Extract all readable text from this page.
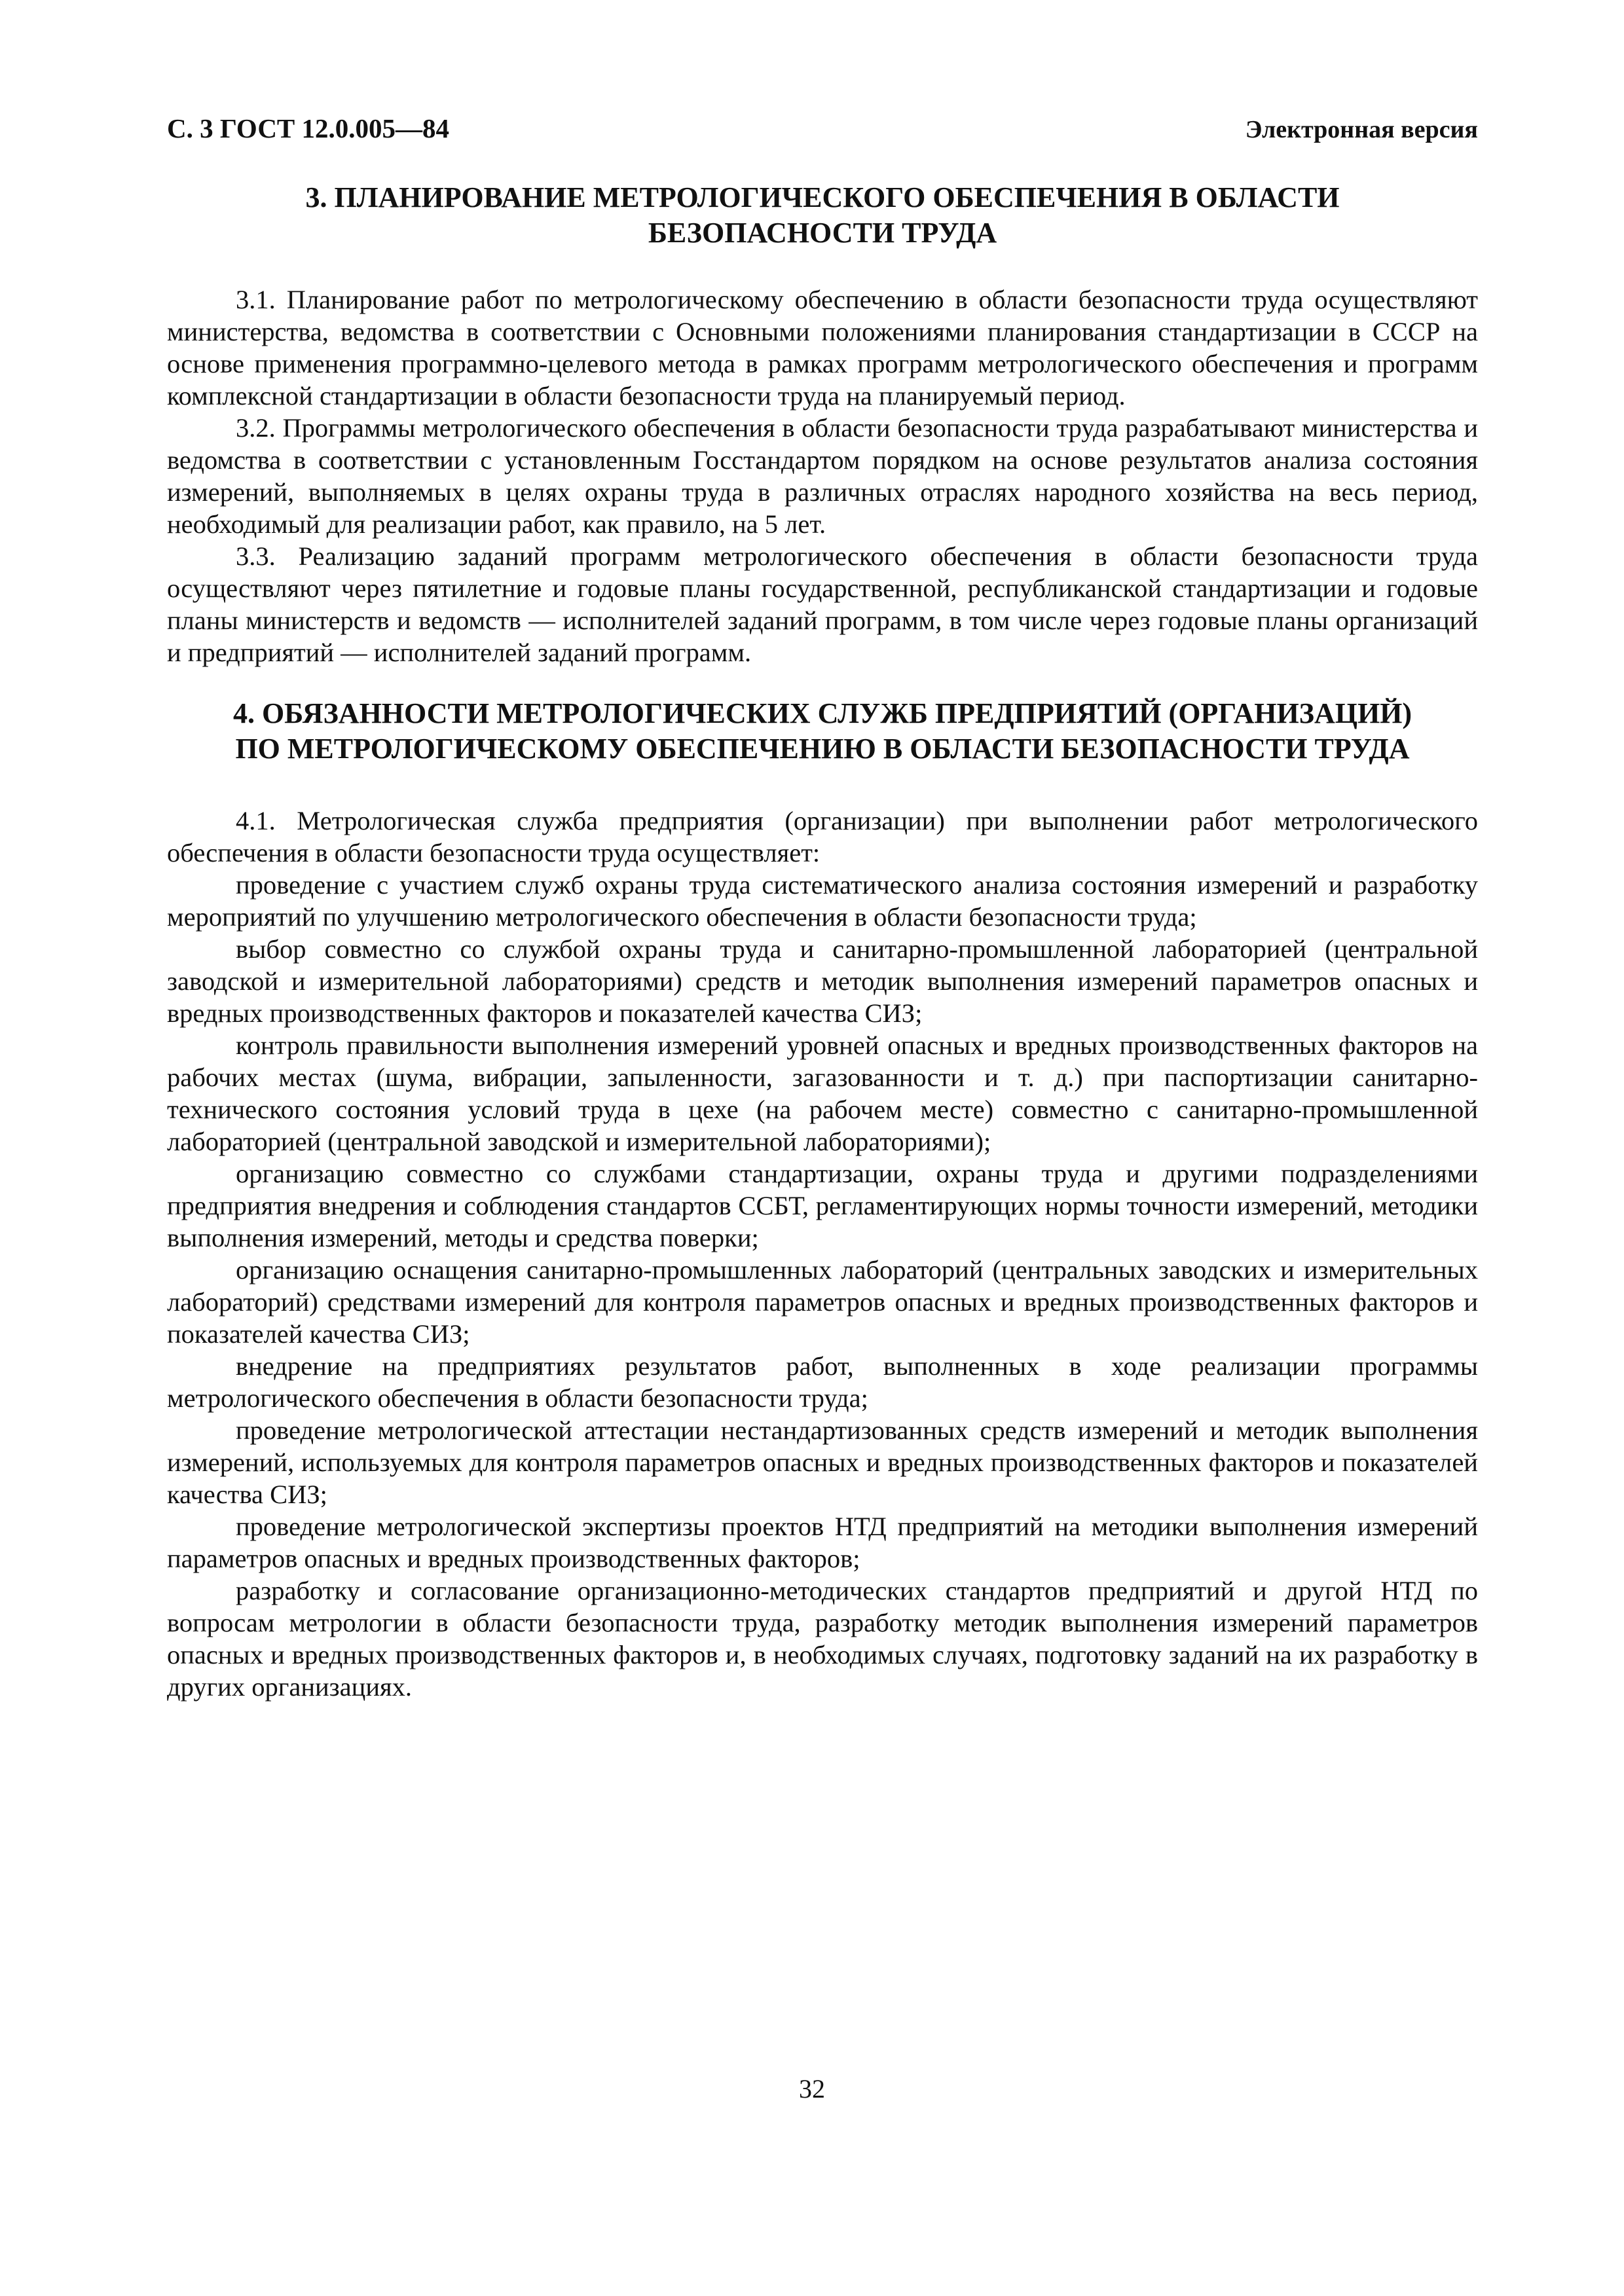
С. 3 ГОСТ 12.0.005—84	Электронная версия
3. ПЛАНИРОВАНИЕ МЕТРОЛОГИЧЕСКОГО ОБЕСПЕЧЕНИЯ В ОБЛАСТИ
БЕЗОПАСНОСТИ ТРУДА

3.1. Планирование работ по метрологическому обеспечению в области безопасности труда осуществляют министерства, ведомства в соответствии с Основными положениями планирования стандартизации в СССР на основе применения программно-целевого метода в рамках программ метрологического обеспечения и программ комплексной стандартизации в области безопасности труда на планируемый период.

3.2. Программы метрологического обеспечения в области безопасности труда разрабатывают министерства и ведомства в соответствии с установленным Госстандартом порядком на основе результатов анализа состояния измерений, выполняемых в целях охраны труда в различных отраслях народного хозяйства на весь период, необходимый для реализации работ, как правило, на 5 лет.

3.3. Реализацию заданий программ метрологического обеспечения в области безопасности труда осуществляют через пятилетние и годовые планы государственной, республиканской стандартизации и годовые планы министерств и ведомств — исполнителей заданий программ, в том числе через годовые планы организаций и предприятий — исполнителей заданий программ.

4. ОБЯЗАННОСТИ МЕТРОЛОГИЧЕСКИХ СЛУЖБ ПРЕДПРИЯТИЙ (ОРГАНИЗАЦИЙ)
ПО МЕТРОЛОГИЧЕСКОМУ ОБЕСПЕЧЕНИЮ В ОБЛАСТИ БЕЗОПАСНОСТИ ТРУДА

4.1. Метрологическая служба предприятия (организации) при выполнении работ метрологического обеспечения в области безопасности труда осуществляет:

проведение с участием служб охраны труда систематического анализа состояния измерений и разработку мероприятий по улучшению метрологического обеспечения в области безопасности труда;

выбор совместно со службой охраны труда и санитарно-промышленной лабораторией (центральной заводской и измерительной лабораториями) средств и методик выполнения измерений параметров опасных и вредных производственных факторов и показателей качества СИЗ;

контроль правильности выполнения измерений уровней опасных и вредных производственных факторов на рабочих местах (шума, вибрации, запыленности, загазованности и т. д.) при паспортизации санитарно-технического состояния условий труда в цехе (на рабочем месте) совместно с санитарно-промышленной лабораторией (центральной заводской и измерительной лабораториями);

организацию совместно со службами стандартизации, охраны труда и другими подразделениями предприятия внедрения и соблюдения стандартов ССБТ, регламентирующих нормы точности измерений, методики выполнения измерений, методы и средства поверки;

организацию оснащения санитарно-промышленных лабораторий (центральных заводских и измерительных лабораторий) средствами измерений для контроля параметров опасных и вредных производственных факторов и показателей качества СИЗ;

внедрение на предприятиях результатов работ, выполненных в ходе реализации программы метрологического обеспечения в области безопасности труда;

проведение метрологической аттестации нестандартизованных средств измерений и методик выполнения измерений, используемых для контроля параметров опасных и вредных производственных факторов и показателей качества СИЗ;

проведение метрологической экспертизы проектов НТД предприятий на методики выполнения измерений параметров опасных и вредных производственных факторов;

разработку и согласование организационно-методических стандартов предприятий и другой НТД по вопросам метрологии в области безопасности труда, разработку методик выполнения измерений параметров опасных и вредных производственных факторов и, в необходимых случаях, подготовку заданий на их разработку в других организациях.

32
